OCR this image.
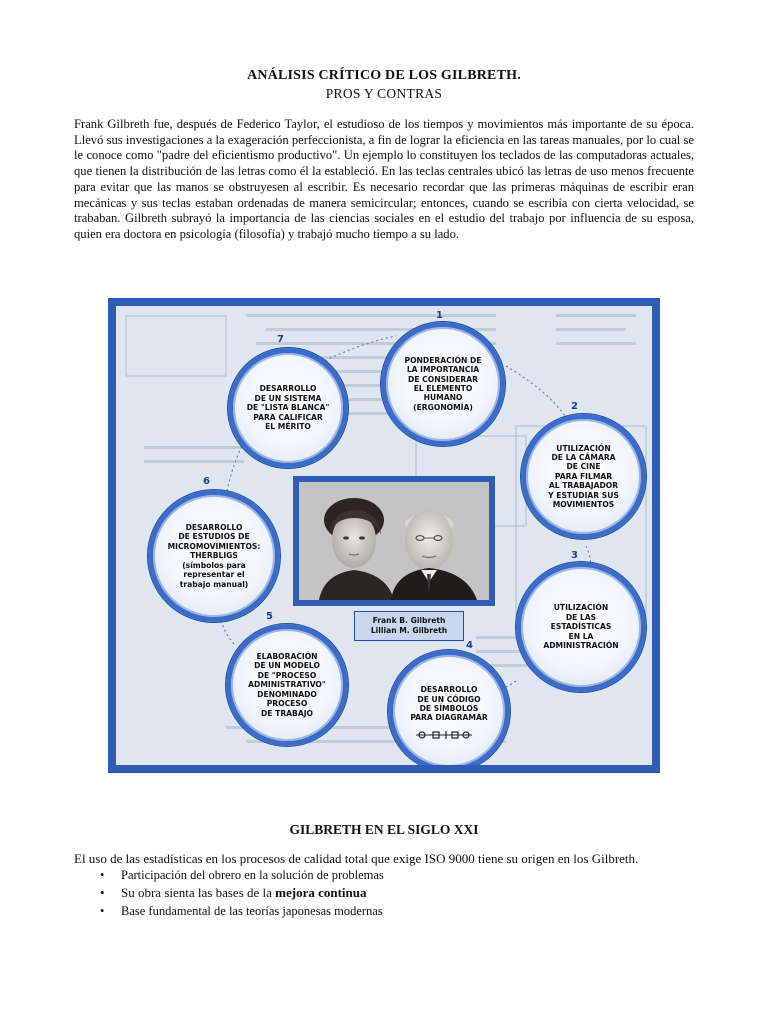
ANÁLISIS CRÍTICO DE LOS GILBRETH.
PROS Y CONTRAS
Frank Gilbreth fue, después de Federico Taylor, el estudioso de los tiempos y movimientos más importante de su época. Llevó sus investigaciones a la exageración perfeccionista, a fin de lograr la eficiencia en las tareas manuales, por lo cual se le conoce como "padre del eficientismo productivo". Un ejemplo lo constituyen los teclados de las computadoras actuales, que tienen la distribución de las letras como él la estableció. En las teclas centrales ubicó las letras de uso menos frecuente para evitar que las manos se obstruyesen al escribir. Es necesario recordar que las primeras máquinas de escribir eran mecánicas y sus teclas estaban ordenadas de manera semicircular; entonces, cuando se escribía con cierta velocidad, se trababan. Gilbreth subrayó la importancia de las ciencias sociales en el estudio del trabajo por influencia de su esposa, quien era doctora en psicología (filosofía) y trabajó mucho tiempo a su lado.
7
DESARROLLO
DE UN SISTEMA
DE "LISTA BLANCA"
PARA CALIFICAR
EL MÉRITO
1
PONDERACIÓN DE
LA IMPORTANCIA
DE CONSIDERAR
EL ELEMENTO
HUMANO
(ERGONOMÍA)	2
UTILIZACIÓN
DE LA CÁMARA
DE CINE
PARA FILMAR
AL TRABAJADOR
Y ESTUDIAR SUS
MOVIMIENTOS
6
DESARROLLO
DE ESTUDIOS DE
MICROMOVIMIENTOS:
THERBLIGS
(símbolos para
representar el
trabajo manual)
3
UTILIZACIÓN
DE LAS
ESTADÍSTICAS
EN LA
ADMINISTRACIÓN
5
ELABORACIÓN
DE UN MODELO
DE "PROCESO
ADMINISTRATIVO"
DENOMINADO
PROCESO
DE TRABAJO
4
DESARROLLO
DE UN CÓDIGO
DE SÍMBOLOS
PARA DIAGRAMAR
Frank B. Gilbreth
Lillian M. Gilbreth
GILBRETH EN EL SIGLO XXI
El uso de las estadísticas en los procesos de calidad total que exige ISO 9000 tiene su origen en los Gilbreth.
• Participación del obrero en la solución de problemas
• Su obra sienta las bases de la mejora continua
• Base fundamental de las teorías japonesas modernas
